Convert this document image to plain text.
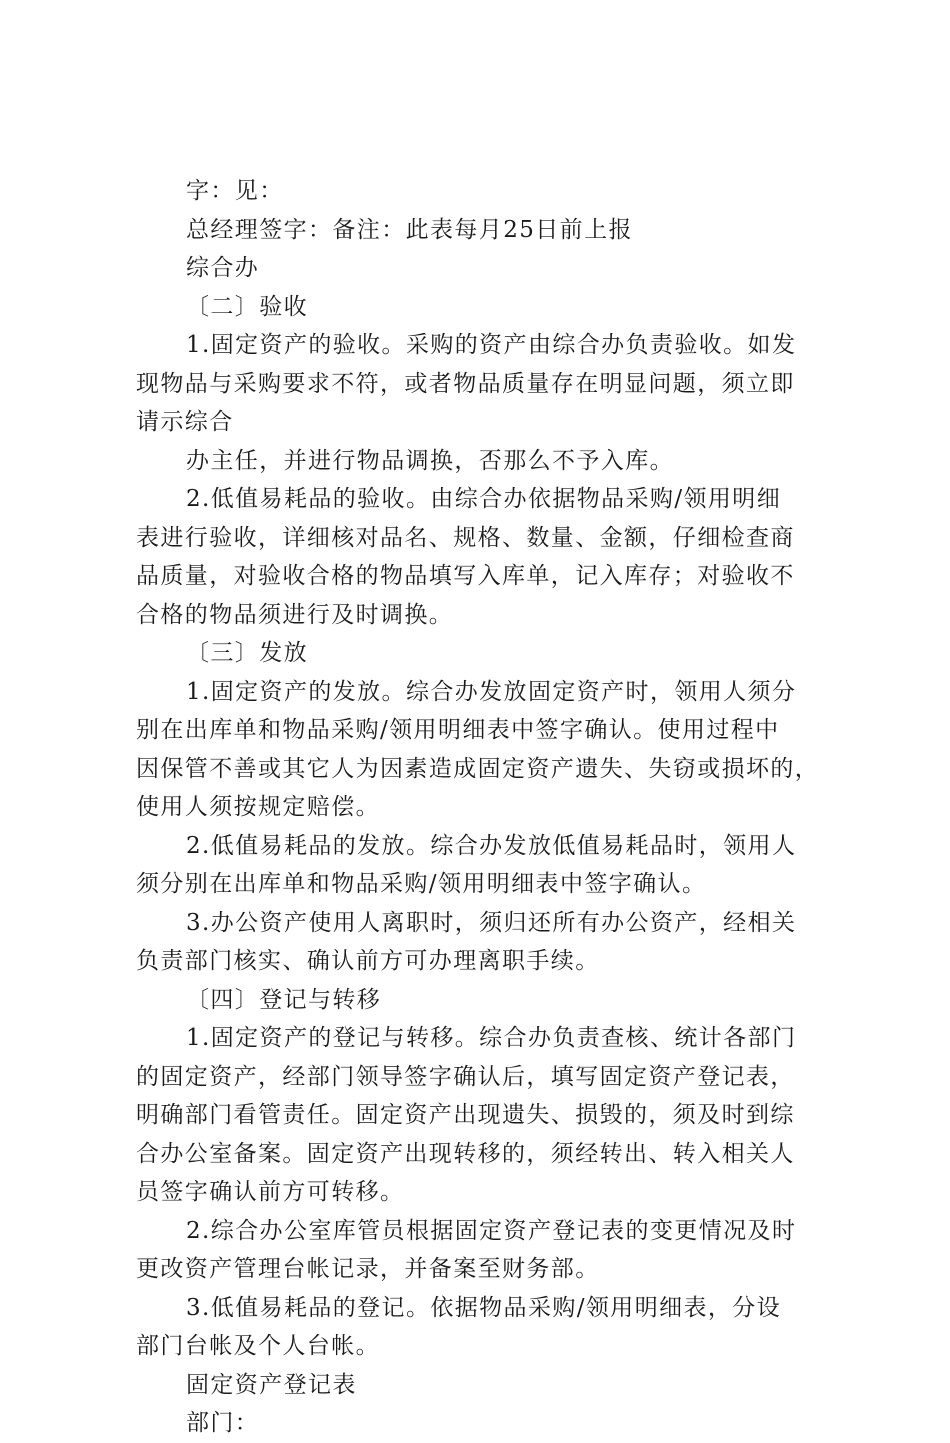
字：见：
总经理签字：备注：此表每月25日前上报
综合办
〔二〕验收
1.固定资产的验收。采购的资产由综合办负责验收。如发
现物品与采购要求不符，或者物品质量存在明显问题，须立即
请示综合
办主任，并进行物品调换，否那么不予入库。
2.低值易耗品的验收。由综合办依据物品采购/领用明细
表进行验收，详细核对品名、规格、数量、金额，仔细检查商
品质量，对验收合格的物品填写入库单，记入库存；对验收不
合格的物品须进行及时调换。
〔三〕发放
1.固定资产的发放。综合办发放固定资产时，领用人须分
别在出库单和物品采购/领用明细表中签字确认。使用过程中
因保管不善或其它人为因素造成固定资产遗失、失窃或损坏的，
使用人须按规定赔偿。
2.低值易耗品的发放。综合办发放低值易耗品时，领用人
须分别在出库单和物品采购/领用明细表中签字确认。
3.办公资产使用人离职时，须归还所有办公资产，经相关
负责部门核实、确认前方可办理离职手续。
〔四〕登记与转移
1.固定资产的登记与转移。综合办负责查核、统计各部门
的固定资产，经部门领导签字确认后，填写固定资产登记表，
明确部门看管责任。固定资产出现遗失、损毁的，须及时到综
合办公室备案。固定资产出现转移的，须经转出、转入相关人
员签字确认前方可转移。
2.综合办公室库管员根据固定资产登记表的变更情况及时
更改资产管理台帐记录，并备案至财务部。
3.低值易耗品的登记。依据物品采购/领用明细表，分设
部门台帐及个人台帐。
固定资产登记表
部门：
